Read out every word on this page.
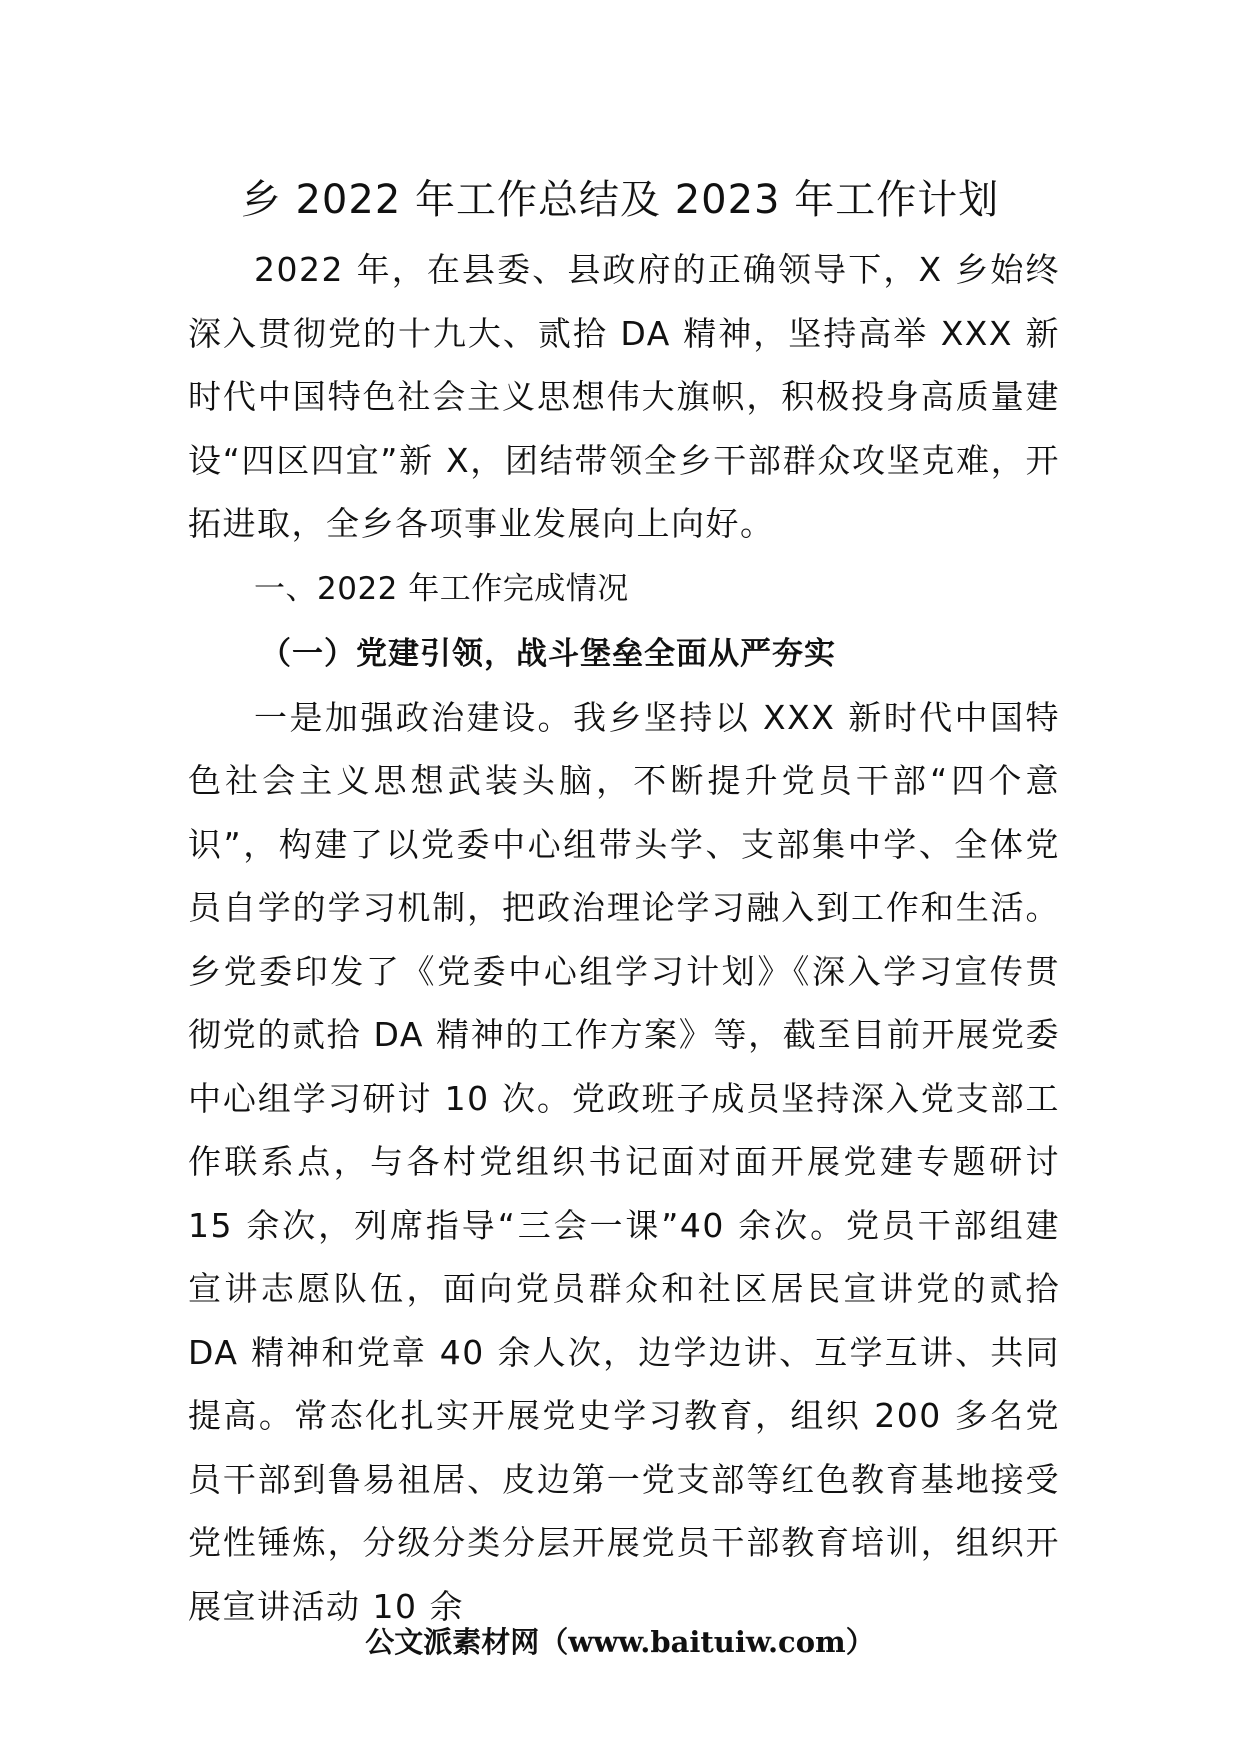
乡 2022 年工作总结及 2023 年工作计划

2022 年，在县委、县政府的正确领导下，X 乡始终深入贯彻党的十九大、贰拾 DA 精神，坚持高举 XXX 新时代中国特色社会主义思想伟大旗帜，积极投身高质量建设“四区四宜”新 X，团结带领全乡干部群众攻坚克难，开拓进取，全乡各项事业发展向上向好。

一、2022 年工作完成情况

（一）党建引领，战斗堡垒全面从严夯实

一是加强政治建设。我乡坚持以 XXX 新时代中国特色社会主义思想武装头脑，不断提升党员干部“四个意识”，构建了以党委中心组带头学、支部集中学、全体党员自学的学习机制，把政治理论学习融入到工作和生活。乡党委印发了《党委中心组学习计划》《深入学习宣传贯彻党的贰拾 DA 精神的工作方案》等，截至目前开展党委中心组学习研讨 10 次。党政班子成员坚持深入党支部工作联系点，与各村党组织书记面对面开展党建专题研讨 15 余次，列席指导“三会一课”40 余次。党员干部组建宣讲志愿队伍，面向党员群众和社区居民宣讲党的贰拾 DA 精神和党章 40 余人次，边学边讲、互学互讲、共同提高。常态化扎实开展党史学习教育，组织 200 多名党员干部到鲁易祖居、皮边第一党支部等红色教育基地接受党性锤炼，分级分类分层开展党员干部教育培训，组织开展宣讲活动 10 余

公文派素材网（www.baituiw.com）
